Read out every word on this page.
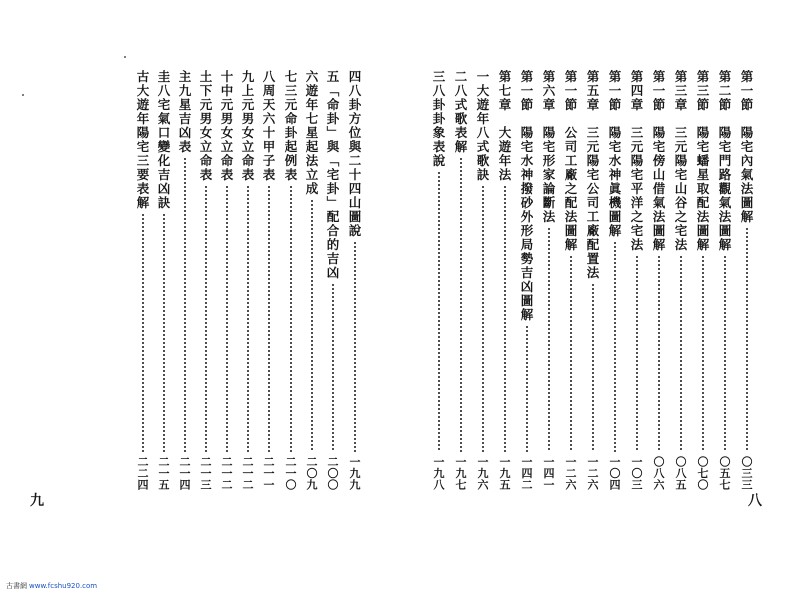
四八卦方位與二十四山圖說
一九九
五「命卦」與「宅卦」配合的吉凶
二〇〇
六遊年七星起法立成
二〇九
七三元命卦起例表
二一〇
八周天六十甲子表
二一一
九上元男女立命表
二一二
十中元男女立命表
二一二
土下元男女立命表
二一三
主九星吉凶表
二一四
圭八宅氣口變化吉凶訣
二一五
古大遊年陽宅三要表解
二二四
九
第一節　陽宅內氣法圖解
〇三三
第二節　陽宅門路觀氣法圖解
〇五七
第三節　陽宅蟠星取配法圖解
〇七〇
第三章　三元陽宅山谷之宅法
〇八五
第一節　陽宅傍山借氣法圖解
〇八六
第四章　三元陽宅平洋之宅法
一〇三
第一節　陽宅水神眞機圖解
一〇四
第五章　三元陽宅公司工廠配置法
一二六
第一節　公司工廠之配法圖解
一二六
第六章　陽宅形家論斷法
一四一
第一節　陽宅水神撥砂外形局勢吉凶圖解
一四二
第七章　大遊年法
一九五
一大遊年八式歌訣
一九六
二八式歌表解
一九七
三八卦卦象表說
一九八
八
古書網 www.fcshu920.com
